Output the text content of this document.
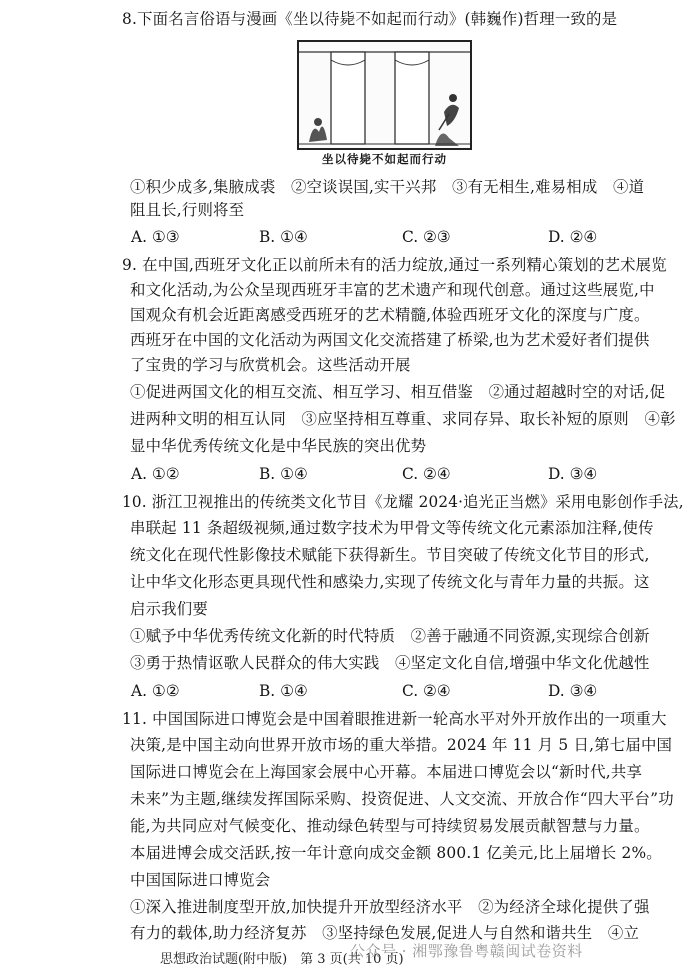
8.下面名言俗语与漫画《坐以待毙不如起而行动》(韩巍作)哲理一致的是
坐以待毙不如起而行动
①积少成多,集腋成裘　②空谈误国,实干兴邦　③有无相生,难易相成　④道
阻且长,行则将至
A. ①③	B. ①④	C. ②③	D. ②④
9. 在中国,西班牙文化正以前所未有的活力绽放,通过一系列精心策划的艺术展览
和文化活动,为公众呈现西班牙丰富的艺术遗产和现代创意。通过这些展览,中
国观众有机会近距离感受西班牙的艺术精髓,体验西班牙文化的深度与广度。
西班牙在中国的文化活动为两国文化交流搭建了桥梁,也为艺术爱好者们提供
了宝贵的学习与欣赏机会。这些活动开展
①促进两国文化的相互交流、相互学习、相互借鉴　②通过超越时空的对话,促
进两种文明的相互认同　③应坚持相互尊重、求同存异、取长补短的原则　④彰
显中华优秀传统文化是中华民族的突出优势
A. ①②	B. ①④	C. ②④	D. ③④
10. 浙江卫视推出的传统类文化节目《龙耀 2024·追光正当燃》采用电影创作手法,
串联起 11 条超级视频,通过数字技术为甲骨文等传统文化元素添加注释,使传
统文化在现代性影像技术赋能下获得新生。节目突破了传统文化节目的形式,
让中华文化形态更具现代性和感染力,实现了传统文化与青年力量的共振。这
启示我们要
①赋予中华优秀传统文化新的时代特质　②善于融通不同资源,实现综合创新
③勇于热情讴歌人民群众的伟大实践　④坚定文化自信,增强中华文化优越性
A. ①②	B. ①④	C. ②④	D. ③④
11. 中国国际进口博览会是中国着眼推进新一轮高水平对外开放作出的一项重大
决策,是中国主动向世界开放市场的重大举措。2024 年 11 月 5 日,第七届中国
国际进口博览会在上海国家会展中心开幕。本届进口博览会以“新时代,共享
未来”为主题,继续发挥国际采购、投资促进、人文交流、开放合作“四大平台”功
能,为共同应对气候变化、推动绿色转型与可持续贸易发展贡献智慧与力量。
本届进博会成交活跃,按一年计意向成交金额 800.1 亿美元,比上届增长 2%。
中国国际进口博览会
①深入推进制度型开放,加快提升开放型经济水平　②为经济全球化提供了强
有力的载体,助力经济复苏　③坚持绿色发展,促进人与自然和谐共生　④立
思想政治试题(附中版)　第 3 页(共 10 页)
公众号 · 湘鄂豫鲁粤赣闽试卷资料
